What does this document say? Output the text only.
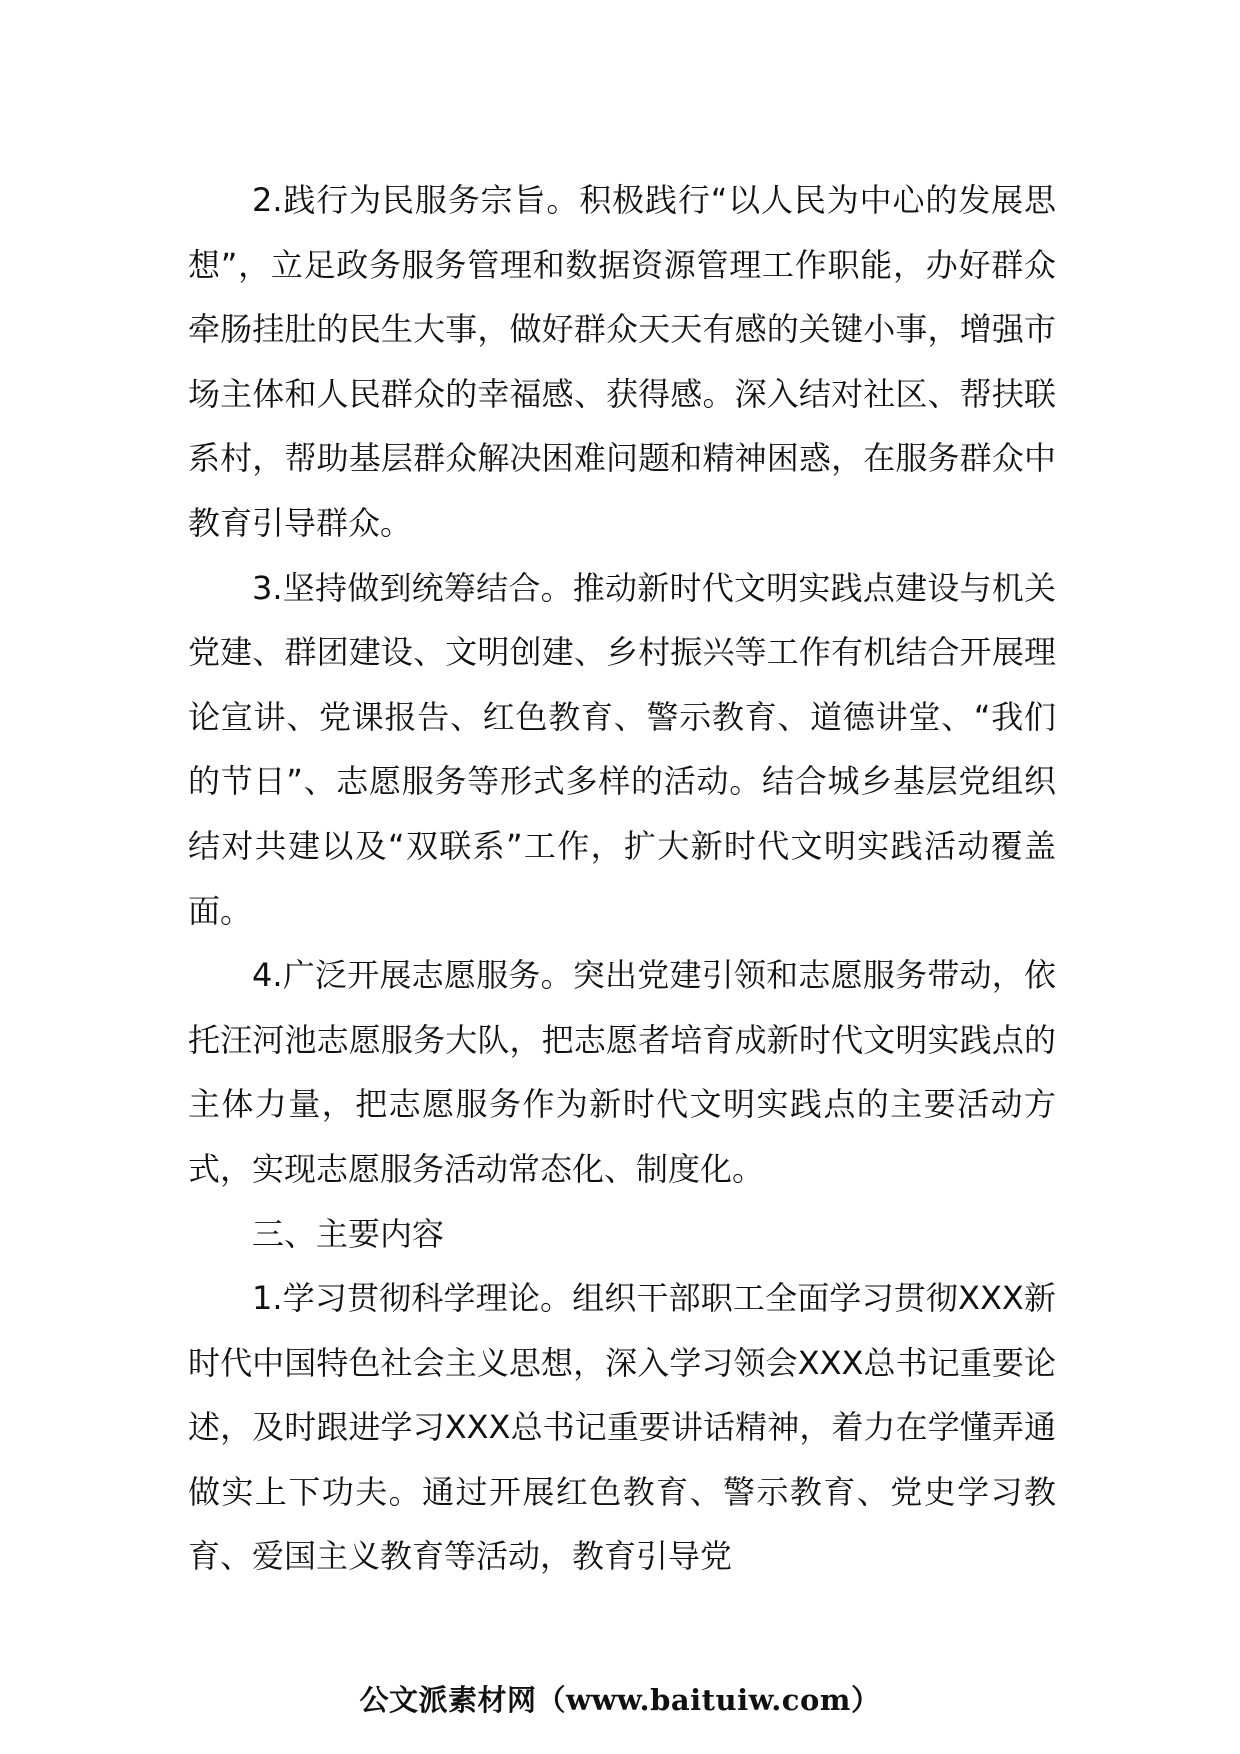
2.践行为民服务宗旨。积极践行“以人民为中心的发展思想”，立足政务服务管理和数据资源管理工作职能，办好群众牵肠挂肚的民生大事，做好群众天天有感的关键小事，增强市场主体和人民群众的幸福感、获得感。深入结对社区、帮扶联系村，帮助基层群众解决困难问题和精神困惑，在服务群众中教育引导群众。

3.坚持做到统筹结合。推动新时代文明实践点建设与机关党建、群团建设、文明创建、乡村振兴等工作有机结合开展理论宣讲、党课报告、红色教育、警示教育、道德讲堂、“我们的节日”、志愿服务等形式多样的活动。结合城乡基层党组织结对共建以及“双联系”工作，扩大新时代文明实践活动覆盖面。

4.广泛开展志愿服务。突出党建引领和志愿服务带动，依托汪河池志愿服务大队，把志愿者培育成新时代文明实践点的主体力量，把志愿服务作为新时代文明实践点的主要活动方式，实现志愿服务活动常态化、制度化。

三、主要内容

1.学习贯彻科学理论。组织干部职工全面学习贯彻XXX新时代中国特色社会主义思想，深入学习领会XXX总书记重要论述，及时跟进学习XXX总书记重要讲话精神，着力在学懂弄通做实上下功夫。通过开展红色教育、警示教育、党史学习教育、爱国主义教育等活动，教育引导党

公文派素材网（www.baituiw.com）
